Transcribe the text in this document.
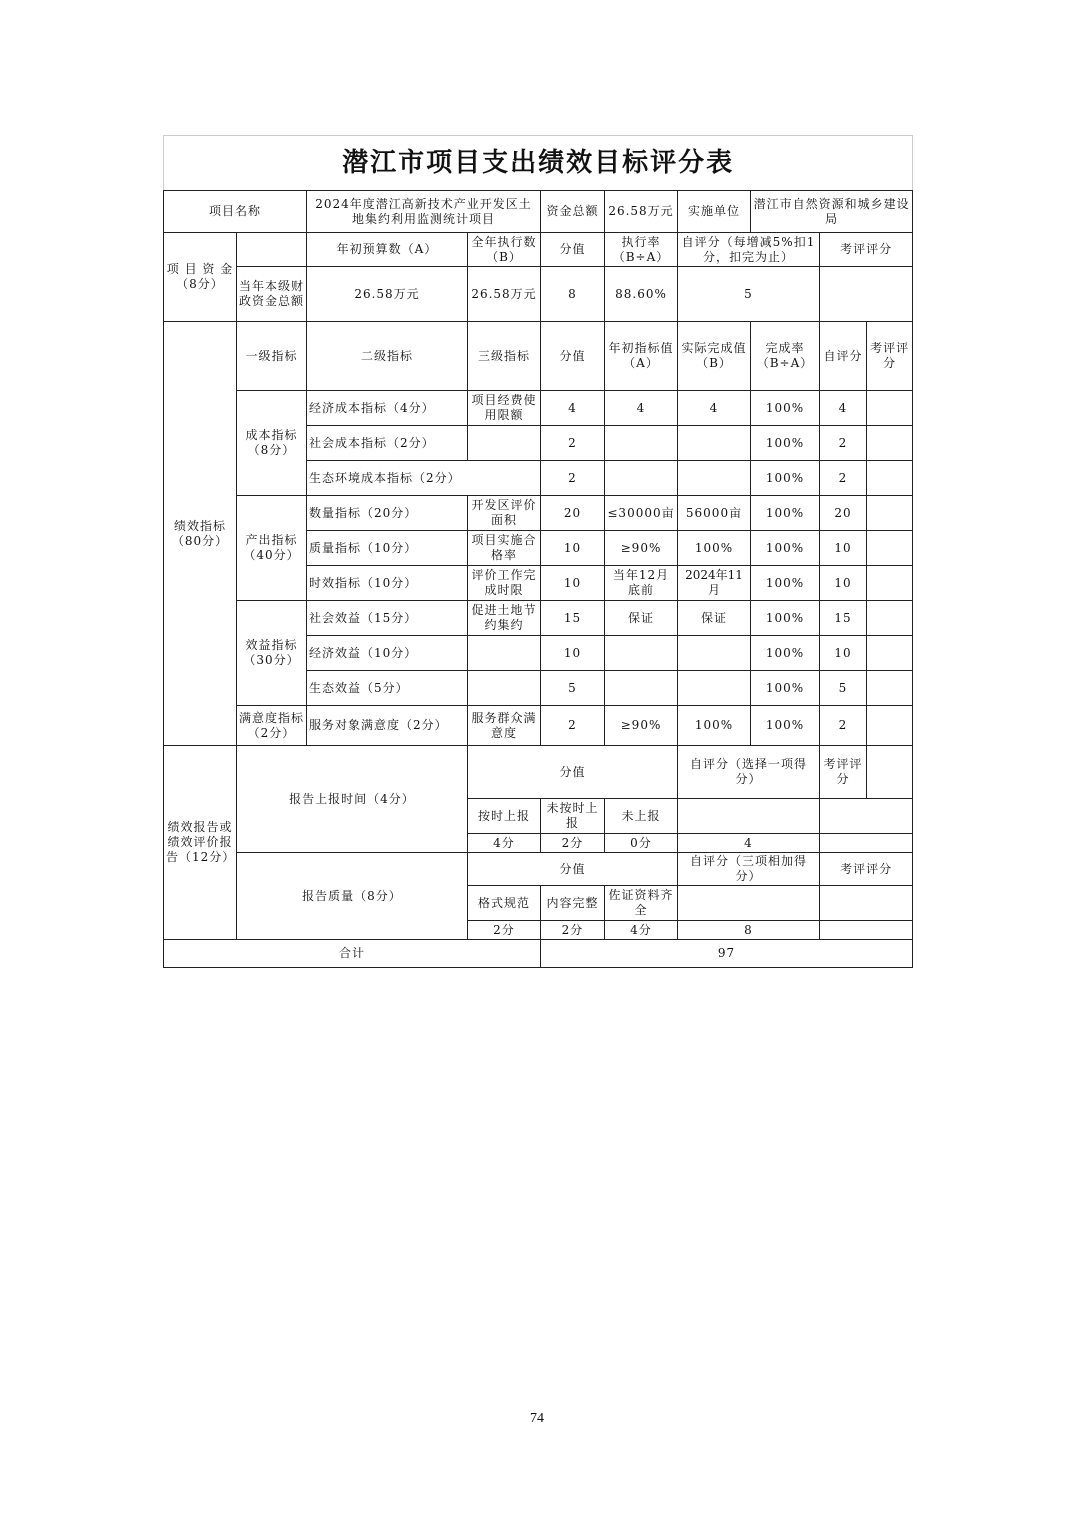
潜江市项目支出绩效目标评分表									
项目名称		2024年度潜江高新技术产业开发区土地集约利用监测统计项目		资金总额	26.58万元	实施单位	潜江市自然资源和城乡建设局		
项 目 资 金 （8分）		年初预算数（A）	全年执行数（B）	分值	执行率（B÷A）	自评分（每增减5%扣1分，扣完为止）		考评评分	
	当年本级财政资金总额	26.58万元	26.58万元	8	88.60%	5			
绩效指标（80分）	一级指标	二级指标	三级指标	分值	年初指标值（A）	实际完成值（B）	完成率（B÷A）	自评分	考评评分
	成本指标（8分）	经济成本指标（4分）	项目经费使用限额	4	4	4	100%	4	
		社会成本指标（2分）		2			100%	2	
		生态环境成本指标（2分）		2			100%	2	
	产出指标（40分）	数量指标（20分）	开发区评价面积	20	≤30000亩	56000亩	100%	20	
		质量指标（10分）	项目实施合格率	10	≥90%	100%	100%	10	
		时效指标（10分）	评价工作完成时限	10	当年12月底前	2024年11月	100%	10	
	效益指标（30分）	社会效益（15分）	促进土地节约集约	15	保证	保证	100%	15	
		经济效益（10分）		10			100%	10	
		生态效益（5分）		5			100%	5	
	满意度指标（2分）	服务对象满意度（2分）	服务群众满意度	2	≥90%	100%	100%	2	
绩效报告或绩效评价报告（12分）	报告上报时间（4分）		分值			自评分（选择一项得分）		考评评分	
			按时上报	未按时上报	未上报				
			4分	2分	0分	4			
	报告质量（8分）		分值			自评分（三项相加得分）		考评评分	
			格式规范	内容完整	佐证资料齐全				
			2分	2分	4分	8			
合计				97					
74
